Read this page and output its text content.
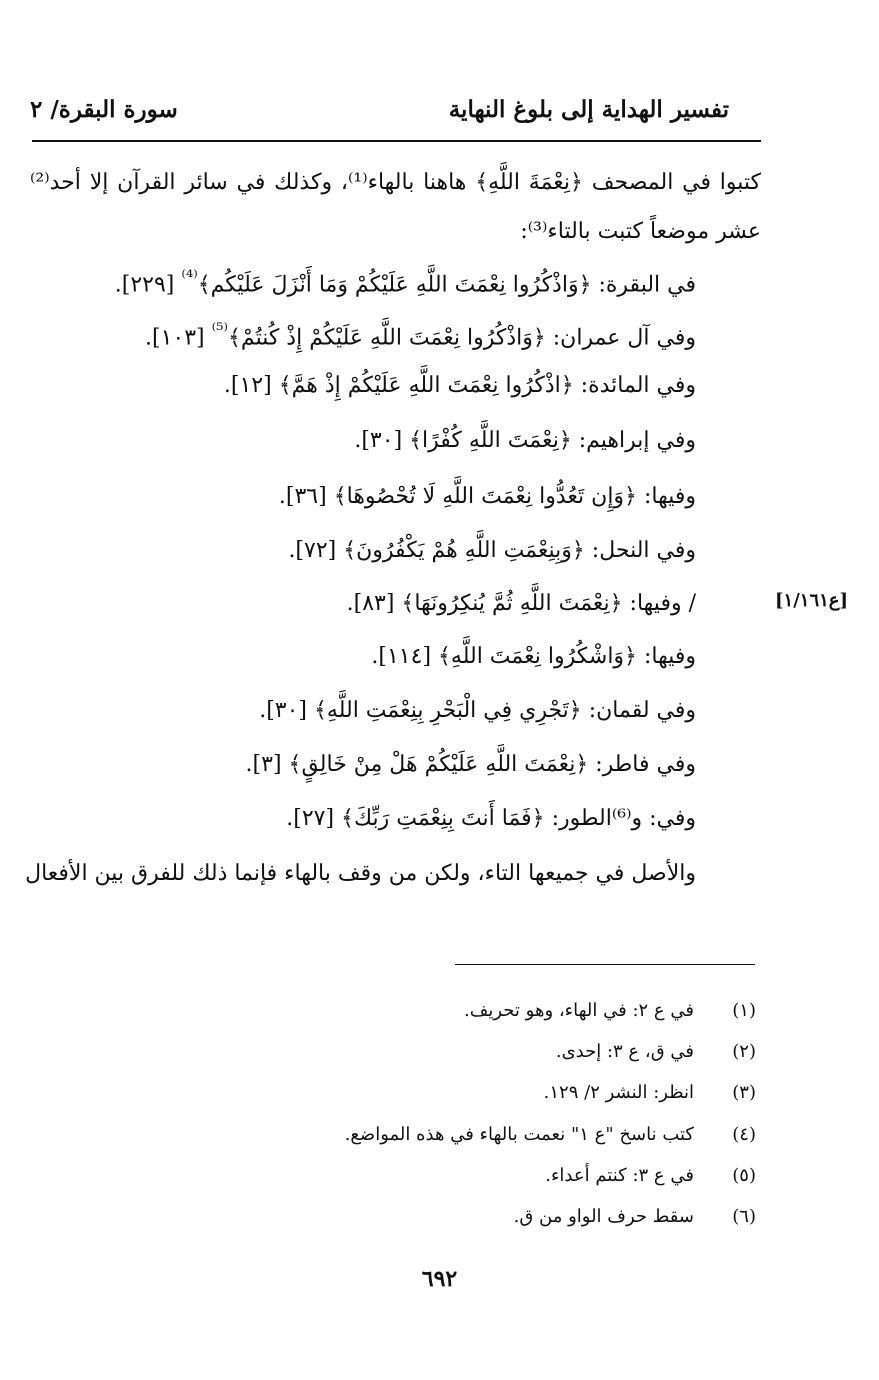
تفسير الهداية إلى بلوغ النهاية
سورة البقرة/ ٢
كتبوا في المصحف ﴿نِعْمَةَ اللَّهِ﴾ هاهنا بالهاء⁽¹⁾، وكذلك في سائر القرآن إلا أحد⁽²⁾
عشر موضعاً كتبت بالتاء⁽³⁾:
في البقرة: ﴿وَاذْكُرُوا نِعْمَتَ اللَّهِ عَلَيْكُمْ وَمَا أَنْزَلَ عَلَيْكُم﴾$^{^{(4)}}$ [٢٢٩].
وفي آل عمران: ﴿وَاذْكُرُوا نِعْمَتَ اللَّهِ عَلَيْكُمْ إِذْ كُنتُمْ﴾$^{^{(5)}}$ [١٠٣].
وفي المائدة: ﴿اذْكُرُوا نِعْمَتَ اللَّهِ عَلَيْكُمْ إِذْ هَمَّ﴾ [١٢].
وفي إبراهيم: ﴿نِعْمَتَ اللَّهِ كُفْرًا﴾ [٣٠].
وفيها: ﴿وَإِن تَعُدُّوا نِعْمَتَ اللَّهِ لَا تُحْصُوهَا﴾ [٣٦].
وفي النحل: ﴿وَبِنِعْمَتِ اللَّهِ هُمْ يَكْفُرُونَ﴾ [٧٢].
/ وفيها: ﴿نِعْمَتَ اللَّهِ ثُمَّ يُنكِرُونَهَا﴾ [٨٣].
وفيها: ﴿وَاشْكُرُوا نِعْمَتَ اللَّهِ﴾ [١١٤].
وفي لقمان: ﴿تَجْرِي فِي الْبَحْرِ بِنِعْمَتِ اللَّهِ﴾ [٣٠].
وفي فاطر: ﴿نِعْمَتَ اللَّهِ عَلَيْكُمْ هَلْ مِنْ خَالِقٍ﴾ [٣].
وفي: و⁽⁶⁾الطور: ﴿فَمَا أَنتَ بِنِعْمَتِ رَبِّكَ﴾ [٢٧].
[ع١/١٦١]
والأصل في جميعها التاء، ولكن من وقف بالهاء فإنما ذلك للفرق بين الأفعال
(١)في ع ٢: في الهاء، وهو تحريف.
(٢)في ق، ع ٣: إحدى.
(٣)انظر: النشر ٢/ ١٢٩.
(٤)كتب ناسخ "ع ١" نعمت بالهاء في هذه المواضع.
(٥)في ع ٣: كنتم أعداء.
(٦)سقط حرف الواو من ق.
٦٩٢
